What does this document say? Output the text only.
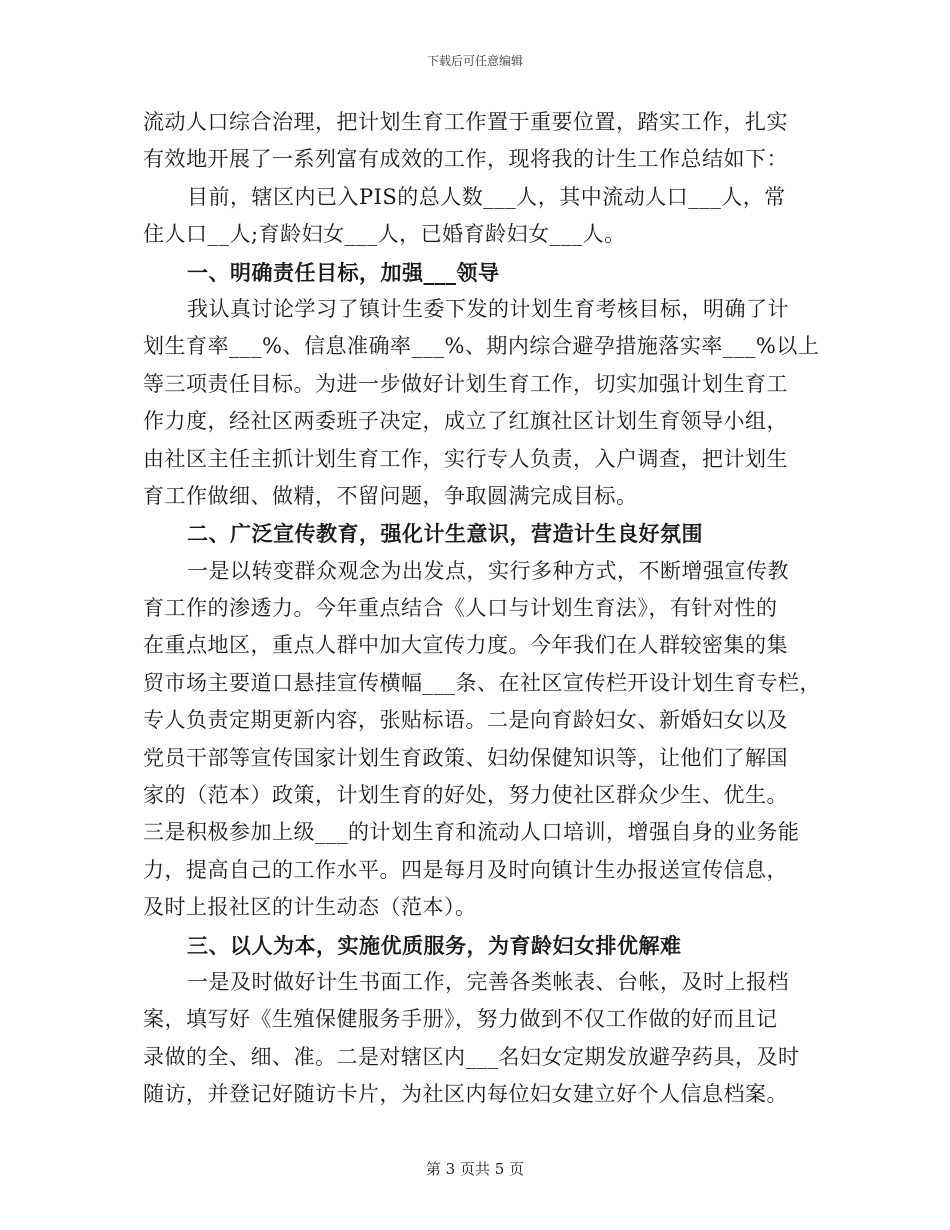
下载后可任意编辑
流动人口综合治理，把计划生育工作置于重要位置，踏实工作，扎实
有效地开展了一系列富有成效的工作，现将我的计生工作总结如下：
目前，辖区内已入PIS的总人数___人，其中流动人口___人，常
住人口__人;育龄妇女___人，已婚育龄妇女___人。
一、明确责任目标，加强___领导
我认真讨论学习了镇计生委下发的计划生育考核目标，明确了计
划生育率___%、信息准确率___%、期内综合避孕措施落实率___%以上
等三项责任目标。为进一步做好计划生育工作，切实加强计划生育工
作力度，经社区两委班子决定，成立了红旗社区计划生育领导小组，
由社区主任主抓计划生育工作，实行专人负责，入户调查，把计划生
育工作做细、做精，不留问题，争取圆满完成目标。
二、广泛宣传教育，强化计生意识，营造计生良好氛围
一是以转变群众观念为出发点，实行多种方式，不断增强宣传教
育工作的渗透力。今年重点结合《人口与计划生育法》，有针对性的
在重点地区，重点人群中加大宣传力度。今年我们在人群较密集的集
贸市场主要道口悬挂宣传横幅___条、在社区宣传栏开设计划生育专栏，
专人负责定期更新内容，张贴标语。二是向育龄妇女、新婚妇女以及
党员干部等宣传国家计划生育政策、妇幼保健知识等，让他们了解国
家的（范本）政策，计划生育的好处，努力使社区群众少生、优生。
三是积极参加上级___的计划生育和流动人口培训，增强自身的业务能
力，提高自己的工作水平。四是每月及时向镇计生办报送宣传信息，
及时上报社区的计生动态（范本）。
三、以人为本，实施优质服务，为育龄妇女排优解难
一是及时做好计生书面工作，完善各类帐表、台帐，及时上报档
案，填写好《生殖保健服务手册》，努力做到不仅工作做的好而且记
录做的全、细、准。二是对辖区内___名妇女定期发放避孕药具，及时
随访，并登记好随访卡片，为社区内每位妇女建立好个人信息档案。
第 3 页共 5 页
